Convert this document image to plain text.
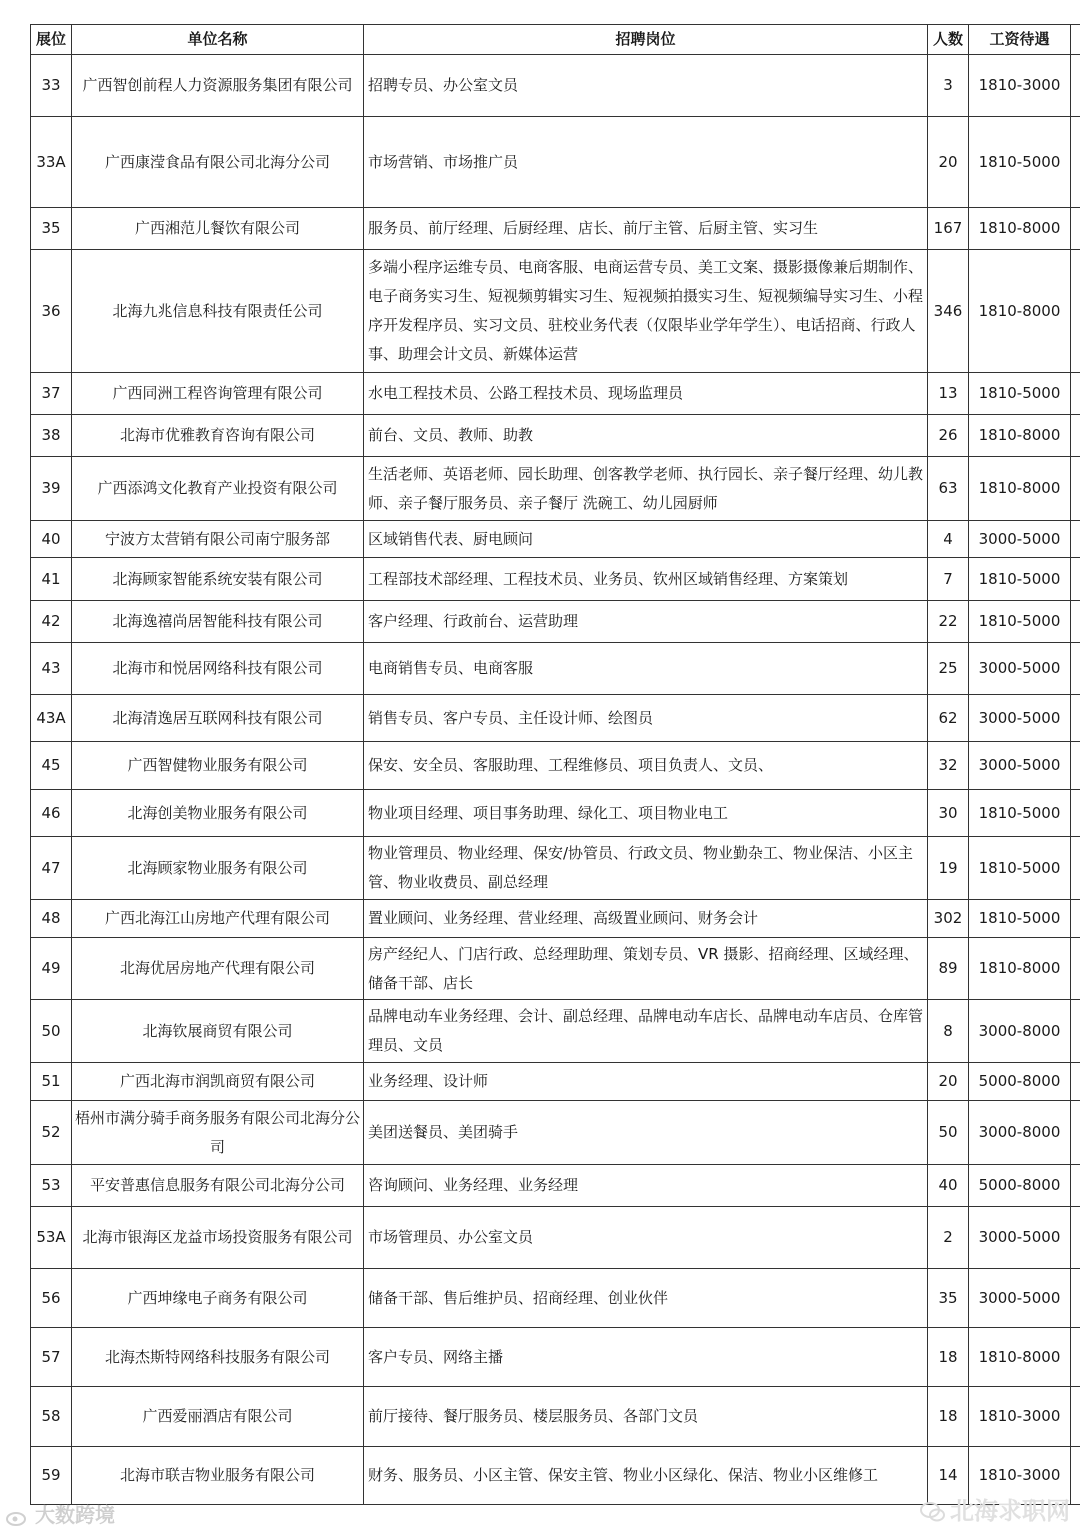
展位	单位名称	招聘岗位	人数	工资待遇	
33	广西智创前程人力资源服务集团有限公司	招聘专员、办公室文员	3	1810-3000	
33A	广西康滢食品有限公司北海分公司	市场营销、市场推广员	20	1810-5000	
35	广西湘范儿餐饮有限公司	服务员、前厅经理、后厨经理、店长、前厅主管、后厨主管、实习生	167	1810-8000	
36	北海九兆信息科技有限责任公司	多端小程序运维专员、电商客服、电商运营专员、美工文案、摄影摄像兼后期制作、电子商务实习生、短视频剪辑实习生、短视频拍摄实习生、短视频编导实习生、小程序开发程序员、实习文员、驻校业务代表（仅限毕业学年学生）、电话招商、行政人事、助理会计文员、新媒体运营	346	1810-8000	
37	广西同洲工程咨询管理有限公司	水电工程技术员、公路工程技术员、现场监理员	13	1810-5000	
38	北海市优雅教育咨询有限公司	前台、文员、教师、助教	26	1810-8000	
39	广西添鸿文化教育产业投资有限公司	生活老师、英语老师、园长助理、创客教学老师、执行园长、亲子餐厅经理、幼儿教师、亲子餐厅服务员、亲子餐厅 洗碗工、幼儿园厨师	63	1810-8000	
40	宁波方太营销有限公司南宁服务部	区域销售代表、厨电顾问	4	3000-5000	
41	北海顾家智能系统安装有限公司	工程部技术部经理、工程技术员、业务员、钦州区域销售经理、方案策划	7	1810-5000	
42	北海逸禧尚居智能科技有限公司	客户经理、行政前台、运营助理	22	1810-5000	
43	北海市和悦居网络科技有限公司	电商销售专员、电商客服	25	3000-5000	
43A	北海清逸居互联网科技有限公司	销售专员、客户专员、主任设计师、绘图员	62	3000-5000	
45	广西智健物业服务有限公司	保安、安全员、客服助理、工程维修员、项目负责人、文员、	32	3000-5000	
46	北海创美物业服务有限公司	物业项目经理、项目事务助理、绿化工、项目物业电工	30	1810-5000	
47	北海顾家物业服务有限公司	物业管理员、物业经理、保安/协管员、行政文员、物业勤杂工、物业保洁、小区主管、物业收费员、副总经理	19	1810-5000	
48	广西北海江山房地产代理有限公司	置业顾问、业务经理、营业经理、高级置业顾问、财务会计	302	1810-5000	
49	北海优居房地产代理有限公司	房产经纪人、门店行政、总经理助理、策划专员、VR 摄影、招商经理、区域经理、储备干部、店长	89	1810-8000	
50	北海钦展商贸有限公司	品牌电动车业务经理、会计、副总经理、品牌电动车店长、品牌电动车店员、仓库管理员、文员	8	3000-8000	
51	广西北海市润凯商贸有限公司	业务经理、设计师	20	5000-8000	
52	梧州市满分骑手商务服务有限公司北海分公司	美团送餐员、美团骑手	50	3000-8000	
53	平安普惠信息服务有限公司北海分公司	咨询顾问、业务经理、业务经理	40	5000-8000	
53A	北海市银海区龙益市场投资服务有限公司	市场管理员、办公室文员	2	3000-5000	
56	广西坤缘电子商务有限公司	储备干部、售后维护员、招商经理、创业伙伴	35	3000-5000	
57	北海杰斯特网络科技服务有限公司	客户专员、网络主播	18	1810-8000	
58	广西爱丽酒店有限公司	前厅接待、餐厅服务员、楼层服务员、各部门文员	18	1810-3000	
59	北海市联吉物业服务有限公司	财务、服务员、小区主管、保安主管、物业小区绿化、保洁、物业小区维修工	14	1810-3000	
大数跨境	北海求职网
